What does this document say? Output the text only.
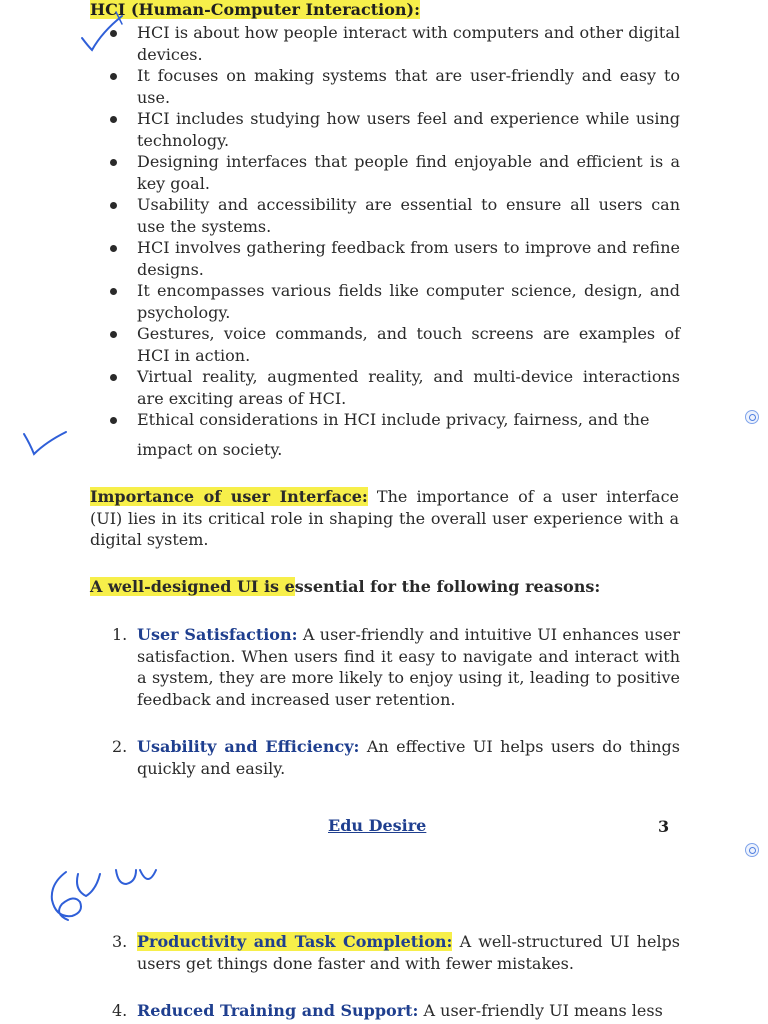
HCI (Human-Computer Interaction):
HCI is about how people interact with computers and other digital devices.
It focuses on making systems that are user-friendly and easy to use.
HCI includes studying how users feel and experience while using technology.
Designing interfaces that people find enjoyable and efficient is a key goal.
Usability and accessibility are essential to ensure all users can use the systems.
HCI involves gathering feedback from users to improve and refine designs.
It encompasses various fields like computer science, design, and psychology.
Gestures, voice commands, and touch screens are examples of HCI in action.
Virtual reality, augmented reality, and multi-device interactions are exciting areas of HCI.
Ethical considerations in HCI include privacy, fairness, and the
impact on society.

Importance of user Interface: The importance of a user interface (UI) lies in its critical role in shaping the overall user experience with a digital system.

A well-designed UI is essential for the following reasons:

1. User Satisfaction: A user-friendly and intuitive UI enhances user satisfaction. When users find it easy to navigate and interact with a system, they are more likely to enjoy using it, leading to positive feedback and increased user retention.
2. Usability and Efficiency: An effective UI helps users do things quickly and easily.
Edu Desire	3
3. Productivity and Task Completion: A well-structured UI helps users get things done faster and with fewer mistakes.
4. Reduced Training and Support: A user-friendly UI means less
